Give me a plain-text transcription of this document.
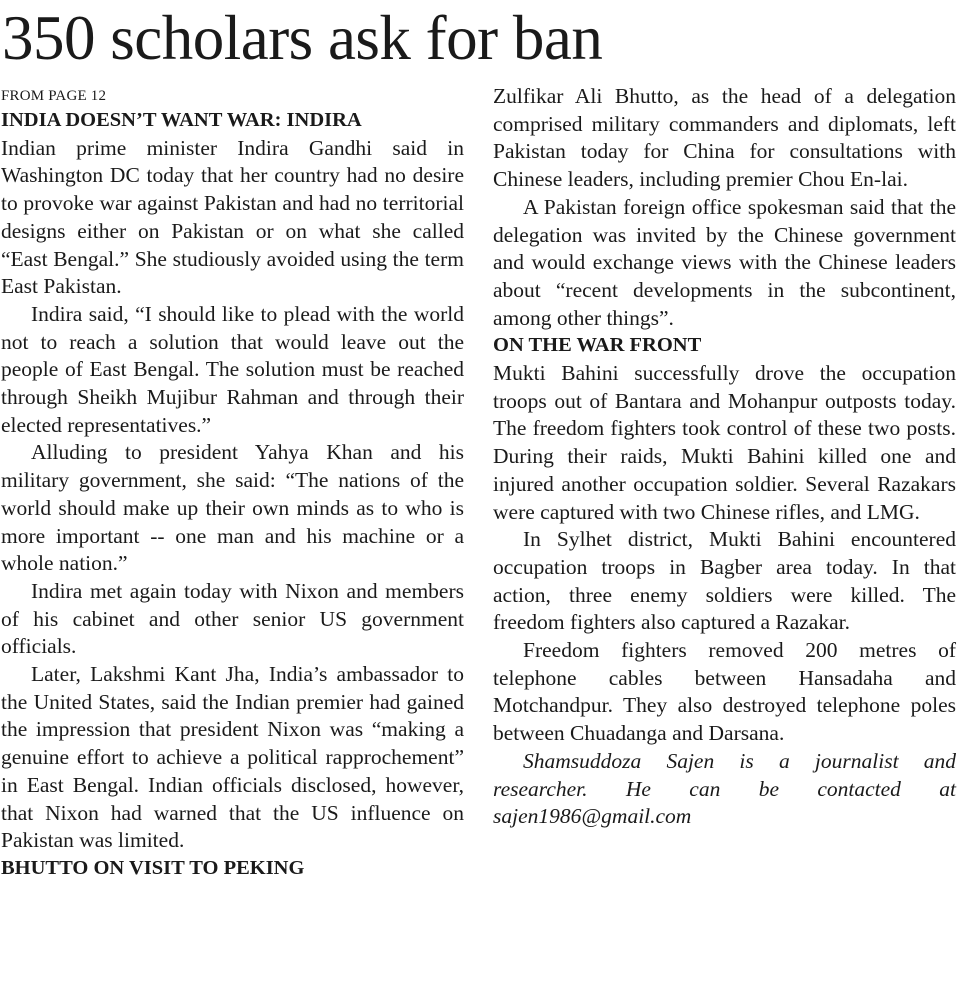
350 scholars ask for ban
FROM PAGE 12
INDIA DOESN’T WANT WAR: INDIRA

Indian prime minister Indira Gandhi said in Washington DC today that her country had no desire to provoke war against Pakistan and had no territorial designs either on Pakistan or on what she called “East Bengal.” She studiously avoided using the term East Pakistan.

Indira said, “I should like to plead with the world not to reach a solution that would leave out the people of East Bengal. The solution must be reached through Sheikh Mujibur Rahman and through their elected representatives.”

Alluding to president Yahya Khan and his military government, she said: “The nations of the world should make up their own minds as to who is more important -- one man and his machine or a whole nation.”

Indira met again today with Nixon and members of his cabinet and other senior US government officials.

Later, Lakshmi Kant Jha, India’s ambassador to the United States, said the Indian premier had gained the impression that president Nixon was “making a genuine effort to achieve a political rapprochement” in East Bengal. Indian officials disclosed, however, that Nixon had warned that the US influence on Pakistan was limited.

BHUTTO ON VISIT TO PEKING

Zulfikar Ali Bhutto, as the head of a delegation comprised military commanders and diplomats, left Pakistan today for China for consultations with Chinese leaders, including premier Chou En-lai.

A Pakistan foreign office spokesman said that the delegation was invited by the Chinese government and would exchange views with the Chinese leaders about “recent developments in the subcontinent, among other things”.

ON THE WAR FRONT

Mukti Bahini successfully drove the occupation troops out of Bantara and Mohanpur outposts today. The freedom fighters took control of these two posts. During their raids, Mukti Bahini killed one and injured another occupation soldier. Several Razakars were captured with two Chinese rifles, and LMG.

In Sylhet district, Mukti Bahini encountered occupation troops in Bagber area today. In that action, three enemy soldiers were killed. The freedom fighters also captured a Razakar.

Freedom fighters removed 200 metres of telephone cables between Hansadaha and Motchandpur. They also destroyed telephone poles between Chuadanga and Darsana.

Shamsuddoza Sajen is a journalist and researcher. He can be contacted at sajen1986@gmail.com
